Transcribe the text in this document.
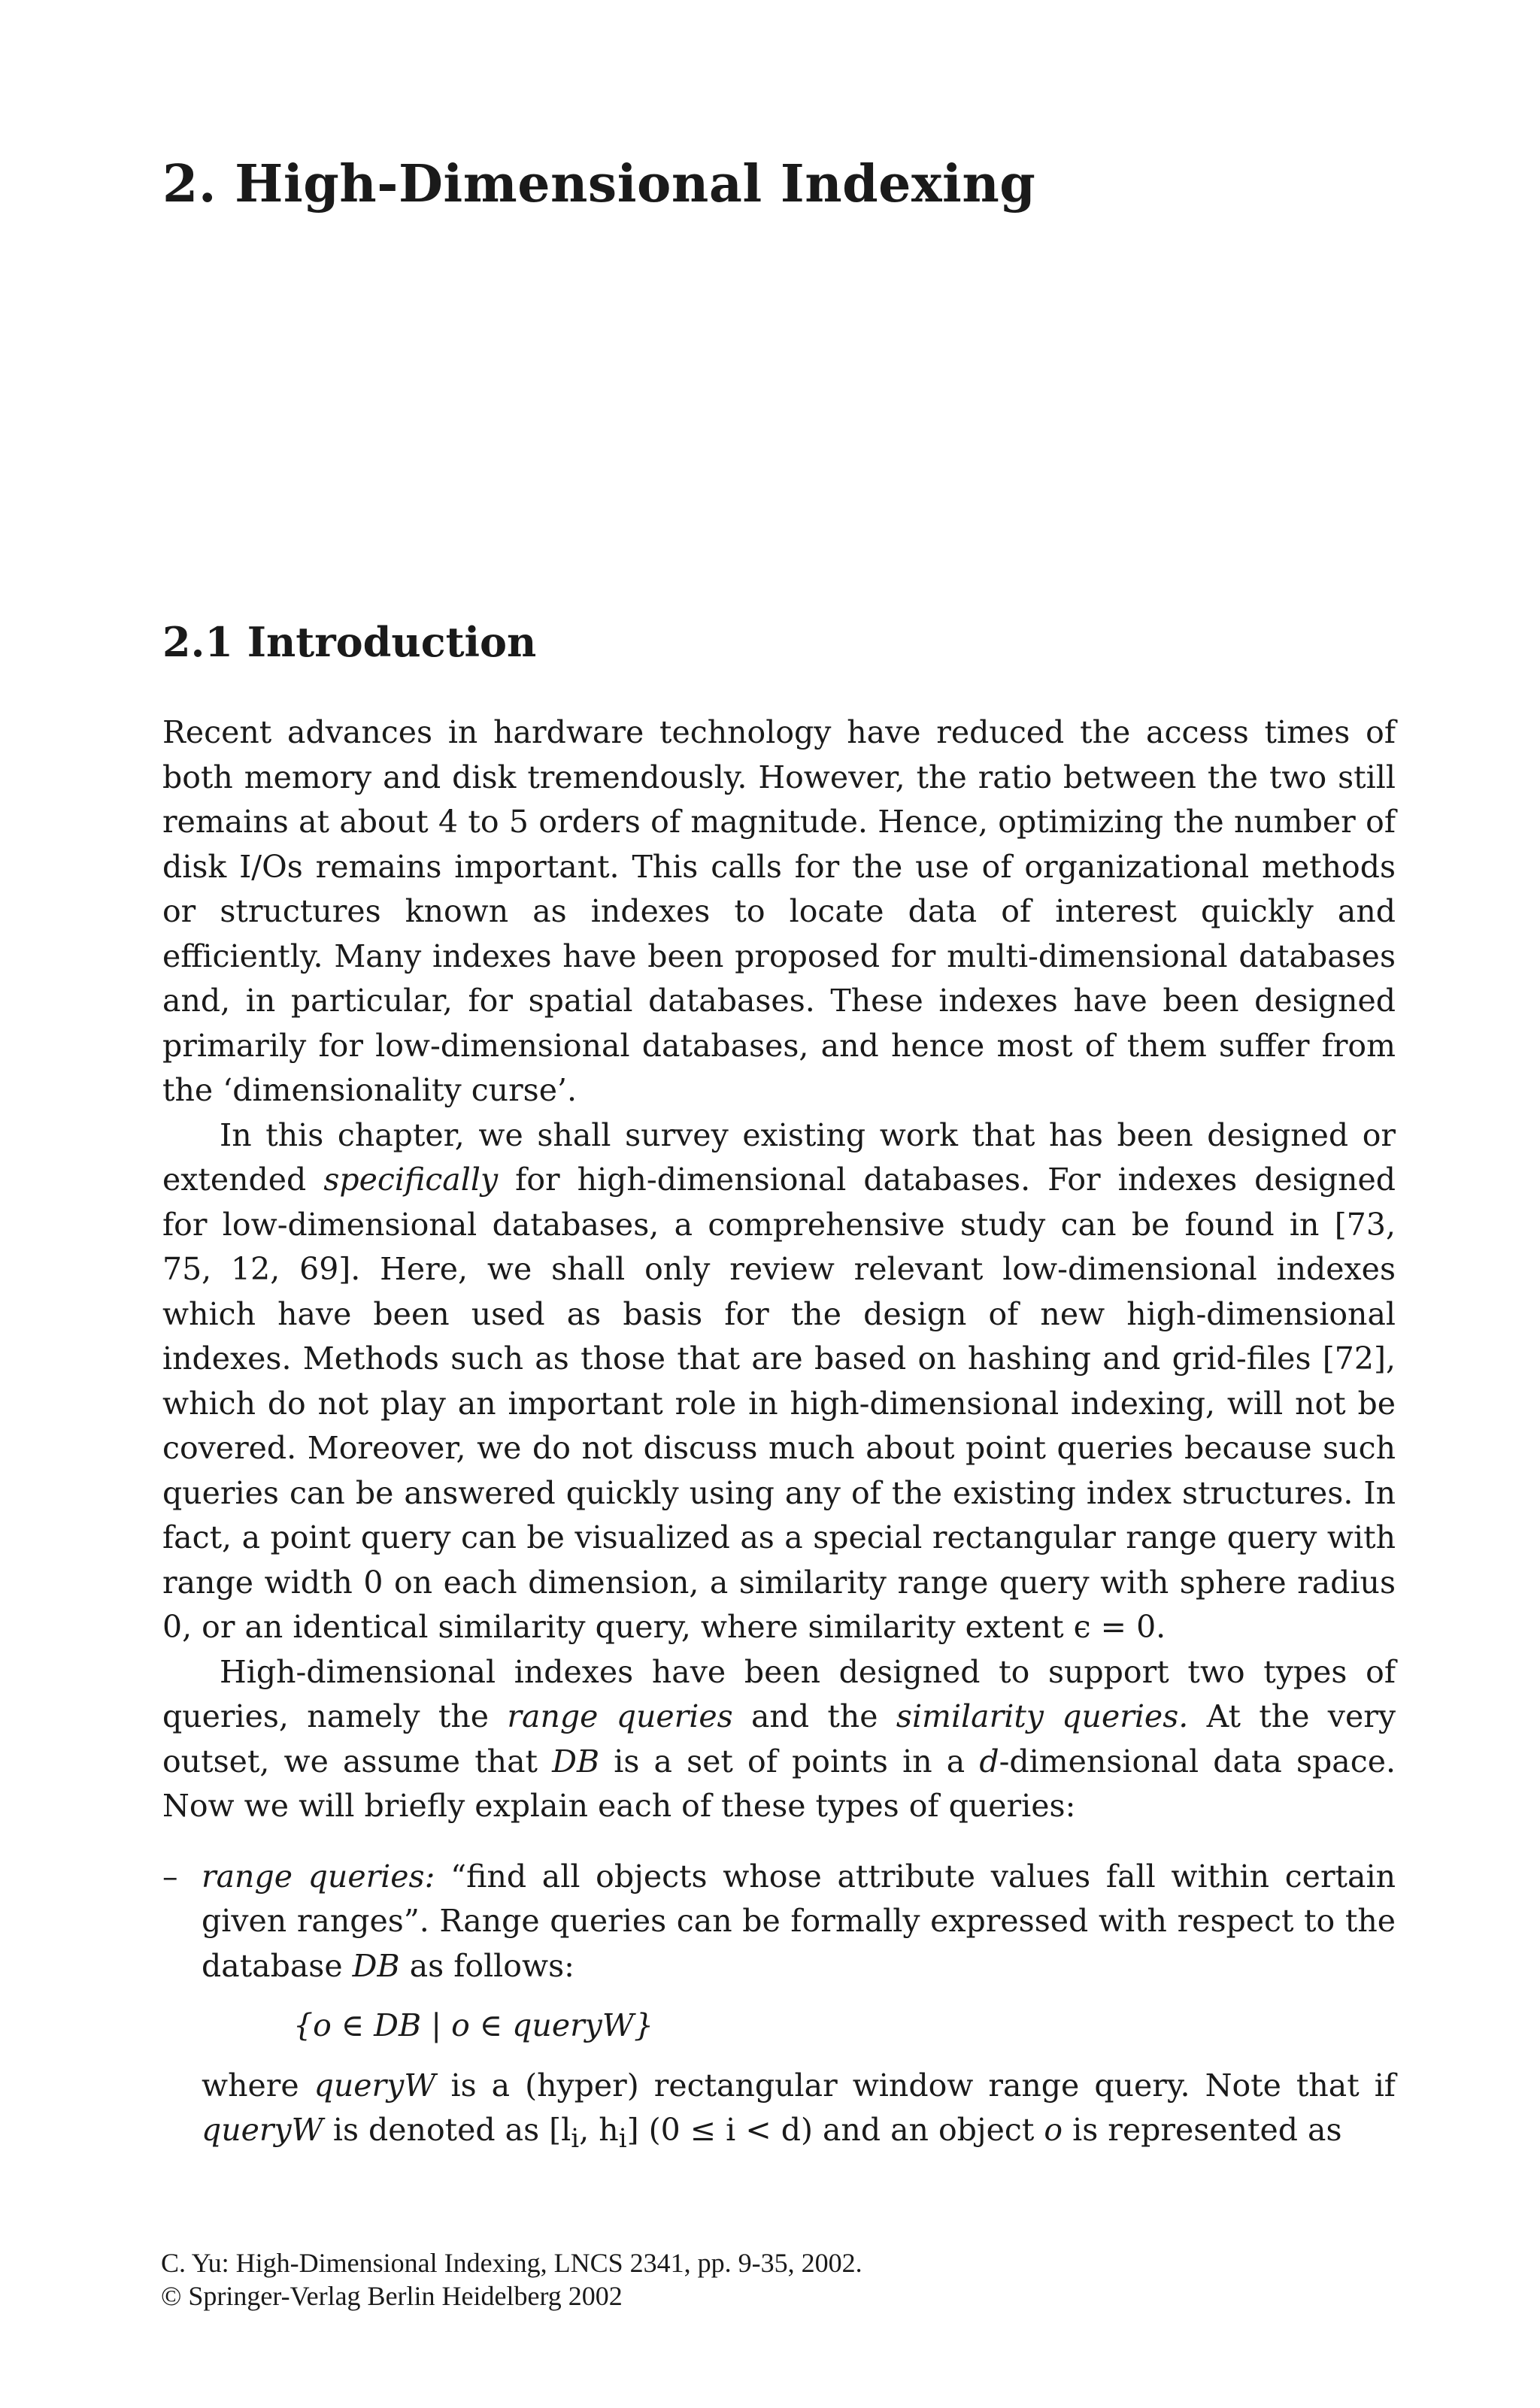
2. High-Dimensional Indexing
2.1 Introduction

Recent advances in hardware technology have reduced the access times of both memory and disk tremendously. However, the ratio between the two still remains at about 4 to 5 orders of magnitude. Hence, optimizing the number of disk I/Os remains important. This calls for the use of organizational methods or structures known as indexes to locate data of interest quickly and efficiently. Many indexes have been proposed for multi-dimensional databases and, in particular, for spatial databases. These indexes have been designed primarily for low-dimensional databases, and hence most of them suffer from the ‘dimensionality curse’.

In this chapter, we shall survey existing work that has been designed or extended specifically for high-dimensional databases. For indexes designed for low-dimensional databases, a comprehensive study can be found in [73, 75, 12, 69]. Here, we shall only review relevant low-dimensional indexes which have been used as basis for the design of new high-dimensional indexes. Methods such as those that are based on hashing and grid-files [72], which do not play an important role in high-dimensional indexing, will not be covered. Moreover, we do not discuss much about point queries because such queries can be answered quickly using any of the existing index structures. In fact, a point query can be visualized as a special rectangular range query with range width 0 on each dimension, a similarity range query with sphere radius 0, or an identical similarity query, where similarity extent ϵ = 0.

High-dimensional indexes have been designed to support two types of queries, namely the range queries and the similarity queries. At the very outset, we assume that DB is a set of points in a d-dimensional data space. Now we will briefly explain each of these types of queries:

– range queries: “find all objects whose attribute values fall within certain given ranges”. Range queries can be formally expressed with respect to the database DB as follows:
{o ∈ DB | o ∈ queryW}
where queryW is a (hyper) rectangular window range query. Note that if queryW is denoted as [$l_i$, $h_i$] (0 ≤ i < d) and an object o is represented as
C. Yu: High-Dimensional Indexing, LNCS 2341, pp. 9-35, 2002.
© Springer-Verlag Berlin Heidelberg 2002
